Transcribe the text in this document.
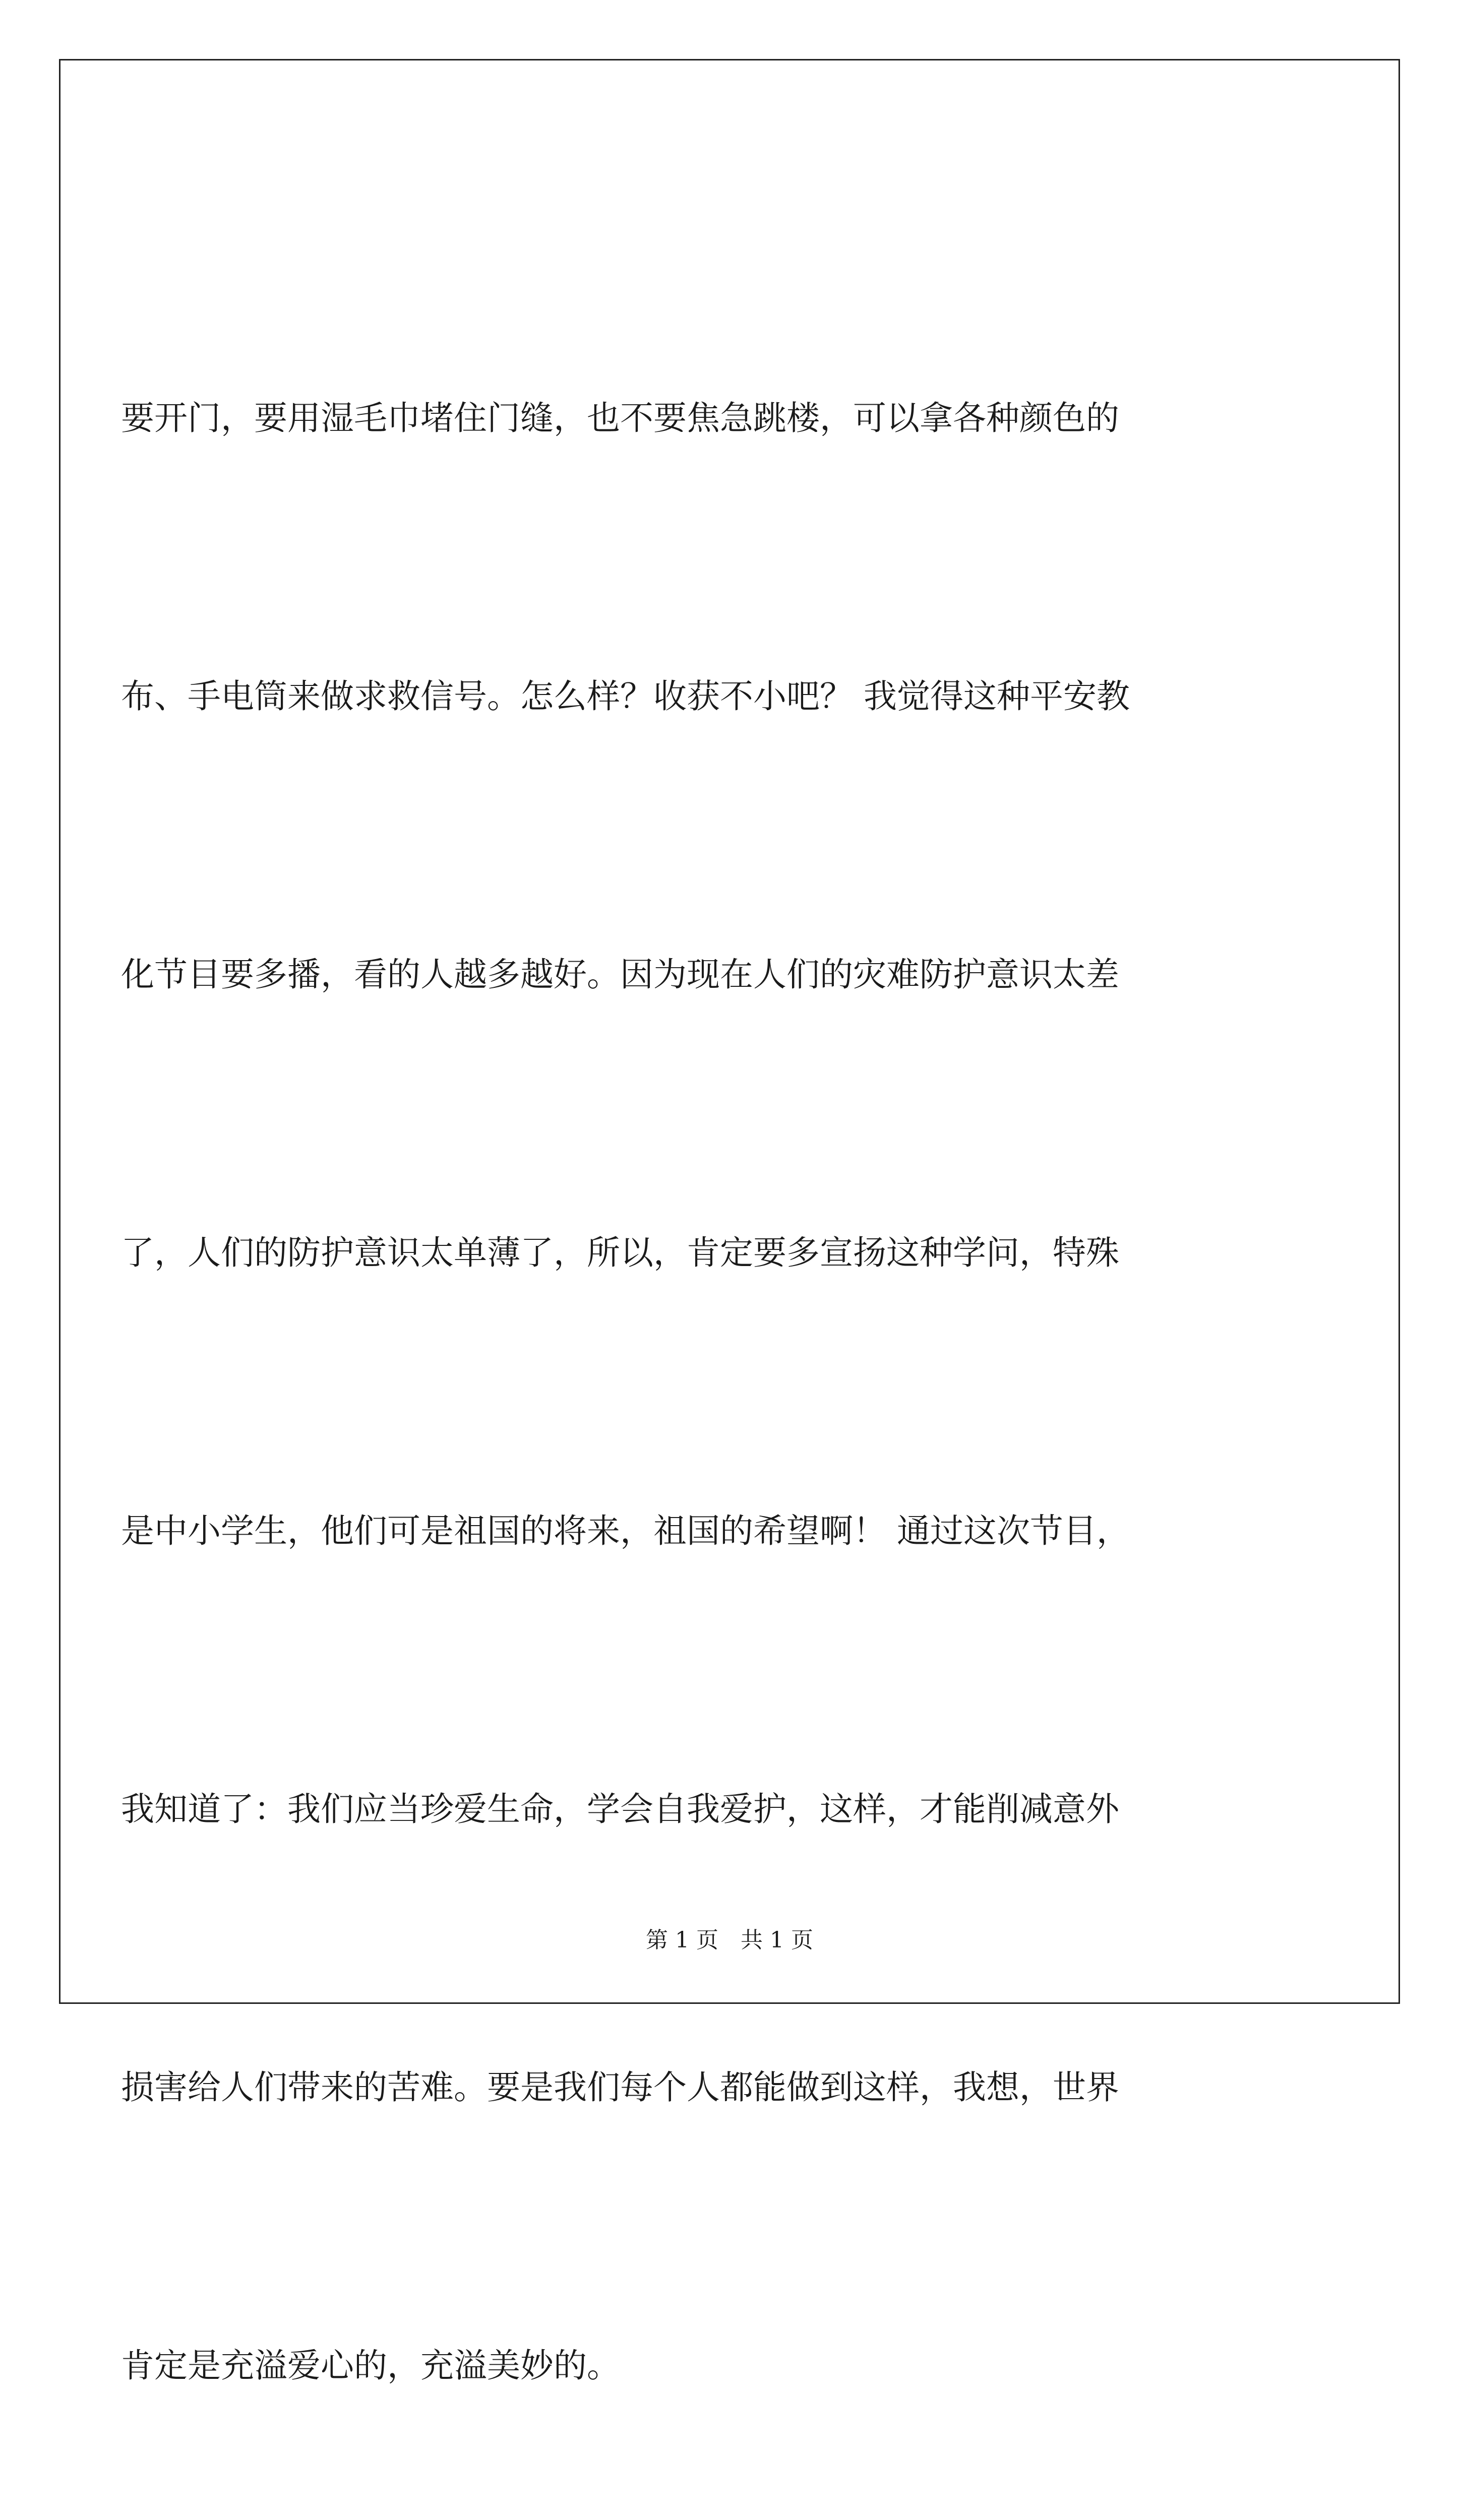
要开门，要用湿毛巾堵住门缝，也不要焦急跳楼，可以拿各种颜色的

布、手电筒来做求救信号。怎么样？收获不小吧？ 我觉得这种平安教

化节目要多播，看的人越多越好。因为现在人们的灾难防护意识太差

了，人们的防护意识太单薄了，所以，肯定要多宣扬这种学问，特殊

是中小学生，他们可是祖国的将来，祖国的希望啊！ 通过这次节目，

我知道了：我们应当珍爱生命，学会自我爱护，这样，才能削减意外

损害给人们带来的苦难。要是我们每个人都能做到这样，我想，世界

肯定是充溢爱心的，充溢美妙的。

第 1 页　共 1 页
